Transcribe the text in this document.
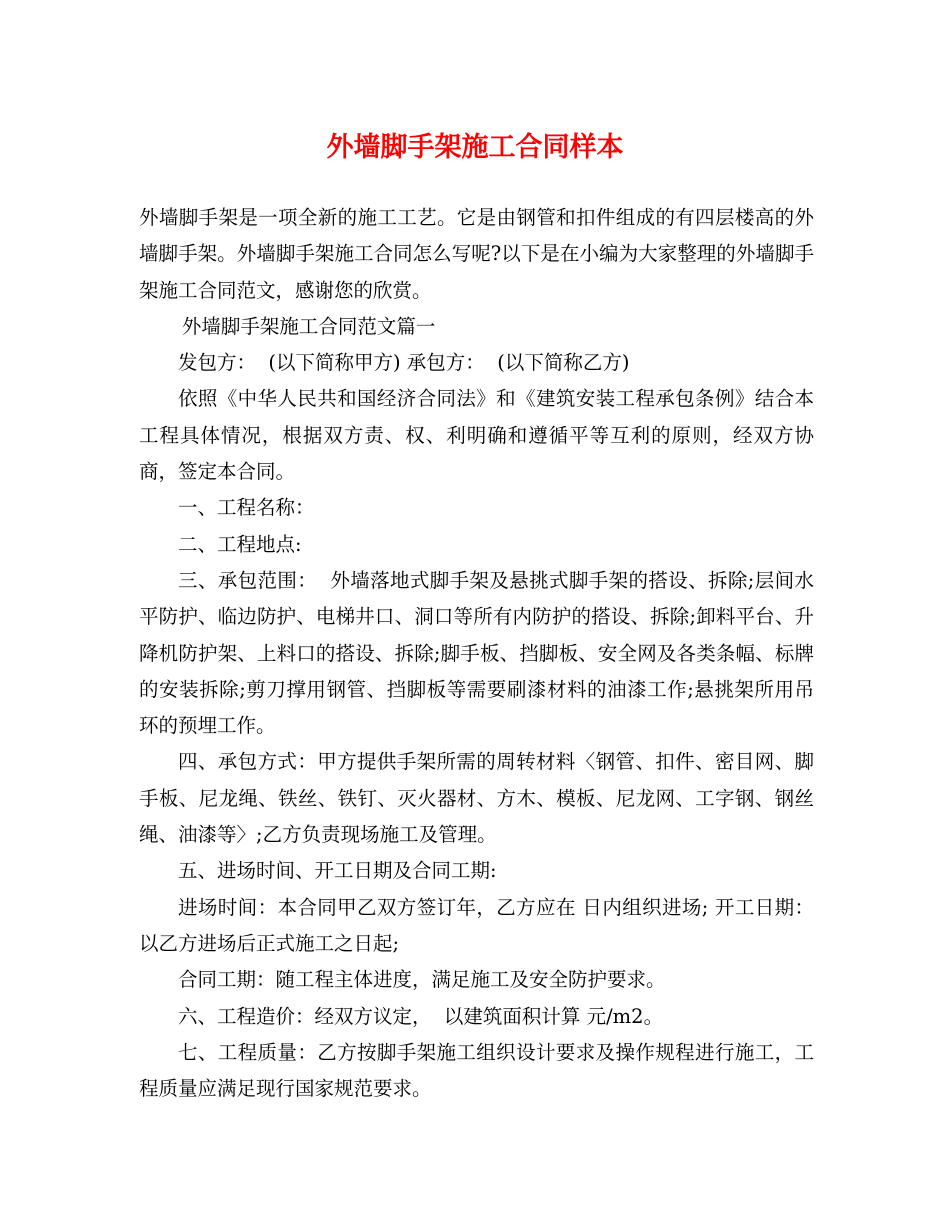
外墙脚手架施工合同样本

外墙脚手架是一项全新的施工工艺。它是由钢管和扣件组成的有四层楼高的外墙脚手架。外墙脚手架施工合同怎么写呢?以下是在小编为大家整理的外墙脚手架施工合同范文，感谢您的欣赏。

外墙脚手架施工合同范文篇一

发包方：  (以下简称甲方) 承包方：  (以下简称乙方)

依照《中华人民共和国经济合同法》和《建筑安装工程承包条例》结合本工程具体情况，根据双方责、权、利明确和遵循平等互利的原则，经双方协商，签定本合同。

一、工程名称：

二、工程地点:

三、承包范围：  外墙落地式脚手架及悬挑式脚手架的搭设、拆除;层间水平防护、临边防护、电梯井口、洞口等所有内防护的搭设、拆除;卸料平台、升降机防护架、上料口的搭设、拆除;脚手板、挡脚板、安全网及各类条幅、标牌的安装拆除;剪刀撑用钢管、挡脚板等需要刷漆材料的油漆工作;悬挑架所用吊环的预埋工作。

四、承包方式：甲方提供手架所需的周转材料〈钢管、扣件、密目网、脚手板、尼龙绳、铁丝、铁钉、灭火器材、方木、模板、尼龙网、工字钢、钢丝绳、油漆等〉;乙方负责现场施工及管理。

五、进场时间、开工日期及合同工期:

进场时间：本合同甲乙双方签订年，乙方应在 日内组织进场; 开工日期：以乙方进场后正式施工之日起;

合同工期：随工程主体进度，满足施工及安全防护要求。

六、工程造价：经双方议定，  以建筑面积计算 元/m2。

七、工程质量：乙方按脚手架施工组织设计要求及操作规程进行施工，工程质量应满足现行国家规范要求。
